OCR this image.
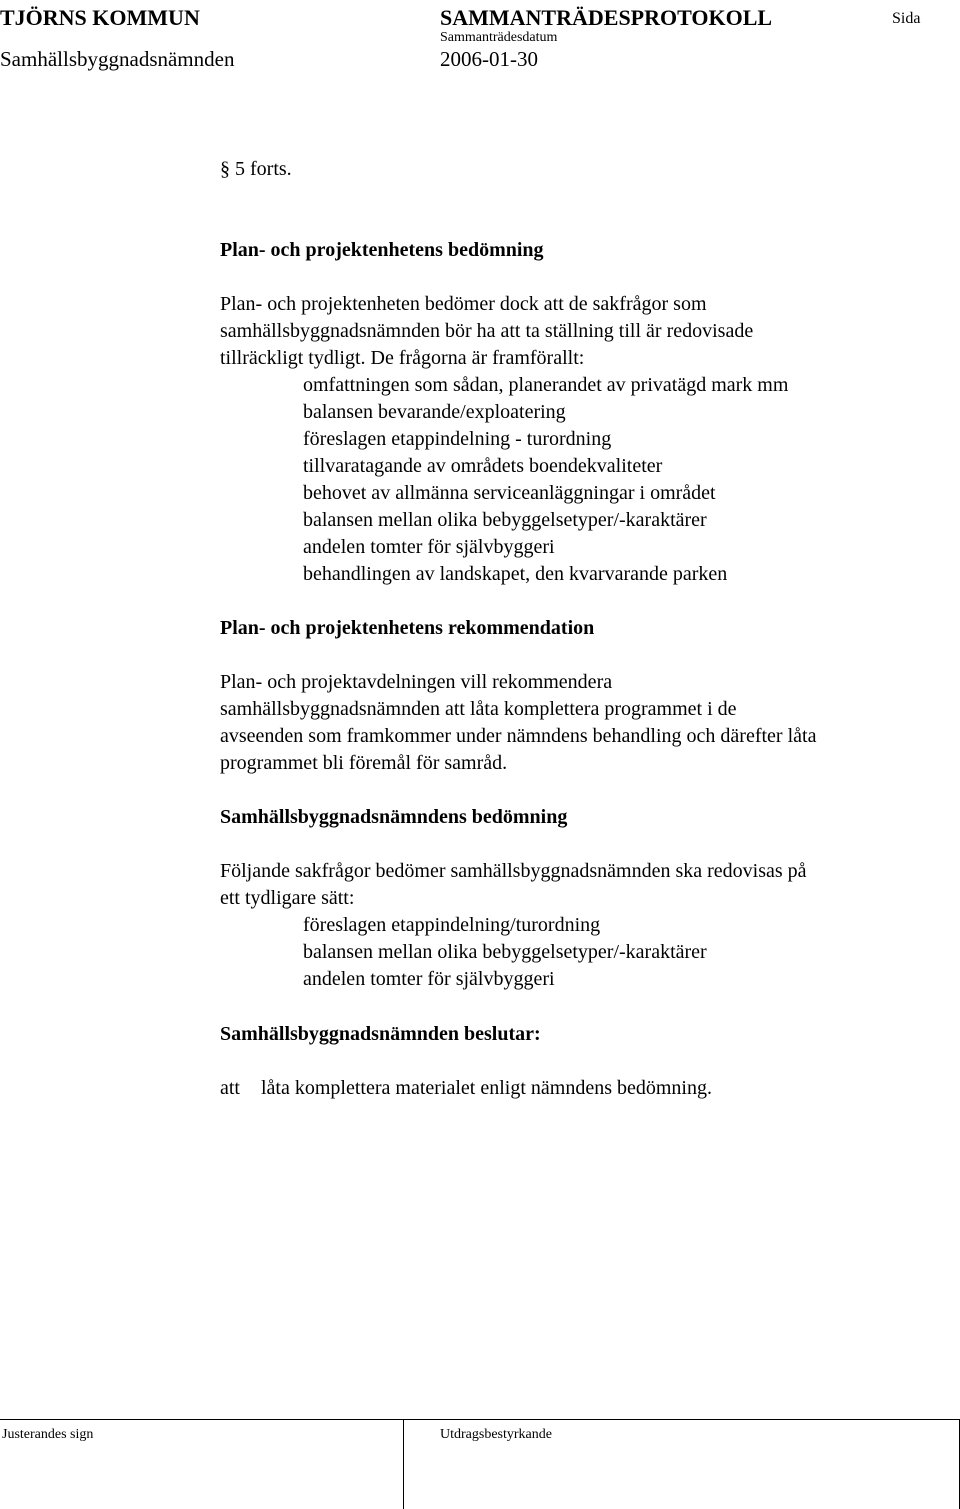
TJÖRNS KOMMUN	SAMMANTRÄDESPROTOKOLL	Sida
Sammanträdesdatum
Samhällsbyggnadsnämnden	2006-01-30
§ 5 forts.
Plan- och projektenhetens bedömning
Plan- och projektenheten bedömer dock att de sakfrågor som
samhällsbyggnadsnämnden bör ha att ta ställning till är redovisade
tillräckligt tydligt. De frågorna är framförallt:
omfattningen som sådan, planerandet av privatägd mark mm
balansen bevarande/exploatering
föreslagen etappindelning - turordning
tillvaratagande av områdets boendekvaliteter
behovet av allmänna serviceanläggningar i området
balansen mellan olika bebyggelsetyper/-karaktärer
andelen tomter för självbyggeri
behandlingen av landskapet, den kvarvarande parken
Plan- och projektenhetens rekommendation
Plan- och projektavdelningen vill rekommendera
samhällsbyggnadsnämnden att låta komplettera programmet i de
avseenden som framkommer under nämndens behandling och därefter låta
programmet bli föremål för samråd.
Samhällsbyggnadsnämndens bedömning
Följande sakfrågor bedömer samhällsbyggnadsnämnden ska redovisas på
ett tydligare sätt:
föreslagen etappindelning/turordning
balansen mellan olika bebyggelsetyper/-karaktärer
andelen tomter för självbyggeri
Samhällsbyggnadsnämnden beslutar:
att låta komplettera materialet enligt nämndens bedömning.
Justerandes sign	Utdragsbestyrkande
